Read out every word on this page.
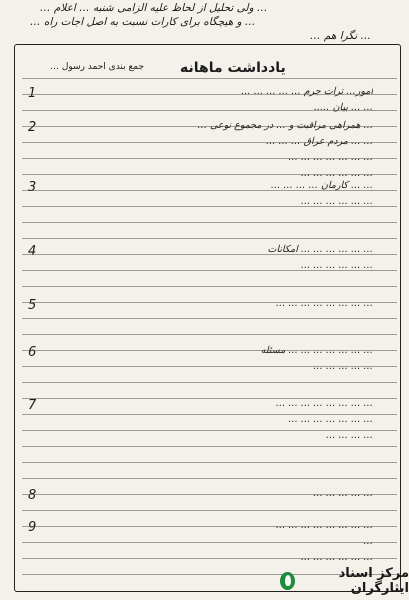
… ولی تحلیل از لحاظ علیه الزامی شنبه … اعلام …
… و هیچگاه برای کارات نسبت به اصل اجات راه …
… نگرا هم …
یادداشت ماهانه
جمع بندی احمد رسول …
1	امور… ترات جرم … … … … …
… … بیان …..
2	… همراهی مراقبت و … در مجموع نوعی …
… … مردم عراق … … …
… … … … … … …
… … … … … …
3	… … کارمان … … … …
… … … … … …
4	… … … … … … امکانات
… … … … … …
5	… … … … … … … …
6	… … … … … … … مسئله
… … … … …
7	… … … … … … … …
… … … … … … …
… … … …
8	… … … … …
9	… … … … … … … …
…
… … … … … …
مرکز اسناد ایثارگران
